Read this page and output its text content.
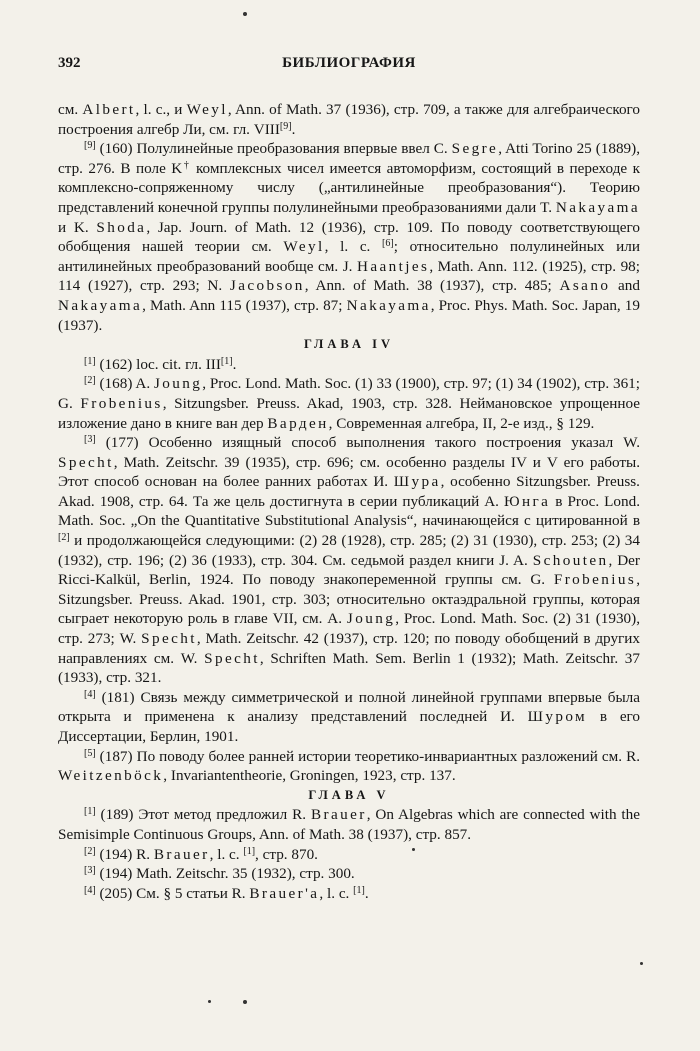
392	БИБЛИОГРАФИЯ

см. Albert, l. c., и Weyl, Ann. of Math. 37 (1936), стр. 709, а также для алгебраического построения алгебр Ли, см. гл. VIII[9].

[9] (160) Полулинейные преобразования впервые ввел C. Segre, Atti Torino 25 (1889), стр. 276. В поле K† комплексных чисел имеется автоморфизм, состоящий в переходе к комплексно-сопряженному числу („антилинейные преобразования“). Теорию представлений конечной группы полулинейными преобразованиями дали T. Nakayama и K. Shoda, Jap. Journ. of Math. 12 (1936), стр. 109. По поводу соответствующего обобщения нашей теории см. Weyl, l. c. [6]; относительно полулинейных или антилинейных преобразований вообще см. J. Haantjes, Math. Ann. 112. (1925), стр. 98; 114 (1927), стр. 293; N. Jacobson, Ann. of Math. 38 (1937), стр. 485; Asano and Nakayama, Math. Ann 115 (1937), стр. 87; Nakayama, Proc. Phys. Math. Soc. Japan, 19 (1937).

ГЛАВА IV

[1] (162) loc. cit. гл. III[1].

[2] (168) A. Joung, Proc. Lond. Math. Soc. (1) 33 (1900), стр. 97; (1) 34 (1902), стр. 361; G. Frobenius, Sitzungsber. Preuss. Akad, 1903, стр. 328. Неймановское упрощенное изложение дано в книге ван дер Варден, Современная алгебра, II, 2-е изд., § 129.

[3] (177) Особенно изящный способ выполнения такого построения указал W. Specht, Math. Zeitschr. 39 (1935), стр. 696; см. особенно разделы IV и V его работы. Этот способ основан на более ранних работах И. Шура, особенно Sitzungsber. Preuss. Akad. 1908, стр. 64. Та же цель достигнута в серии публикаций A. Юнга в Proc. Lond. Math. Soc. „On the Quantitative Substitutional Analysis“, начинающейся с цитированной в [2] и продолжающейся следующими: (2) 28 (1928), стр. 285; (2) 31 (1930), стр. 253; (2) 34 (1932), стр. 196; (2) 36 (1933), стр. 304. См. седьмой раздел книги J. A. Schouten, Der Ricci-Kalkül, Berlin, 1924. По поводу знакопеременной группы см. G. Frobenius, Sitzungsber. Preuss. Akad. 1901, стр. 303; относительно октаэдральной группы, которая сыграет некоторую роль в главе VII, см. A. Joung, Proc. Lond. Math. Soc. (2) 31 (1930), стр. 273; W. Specht, Math. Zeitschr. 42 (1937), стр. 120; по поводу обобщений в других направлениях см. W. Specht, Schriften Math. Sem. Berlin 1 (1932); Math. Zeitschr. 37 (1933), стр. 321.

[4] (181) Связь между симметрической и полной линейной группами впервые была открыта и применена к анализу представлений последней И. Шуром в его Диссертации, Берлин, 1901.

[5] (187) По поводу более ранней истории теоретико-инвариантных разложений см. R. Weitzenböck, Invariantentheorie, Groningen, 1923, стр. 137.

ГЛАВА V

[1] (189) Этот метод предложил R. Brauer, On Algebras which are connected with the Semisimple Continuous Groups, Ann. of Math. 38 (1937), стр. 857.

[2] (194) R. Brauer, l. c. [1], стр. 870.

[3] (194) Math. Zeitschr. 35 (1932), стр. 300.

[4] (205) См. § 5 статьи R. Brauer'a, l. c. [1].
